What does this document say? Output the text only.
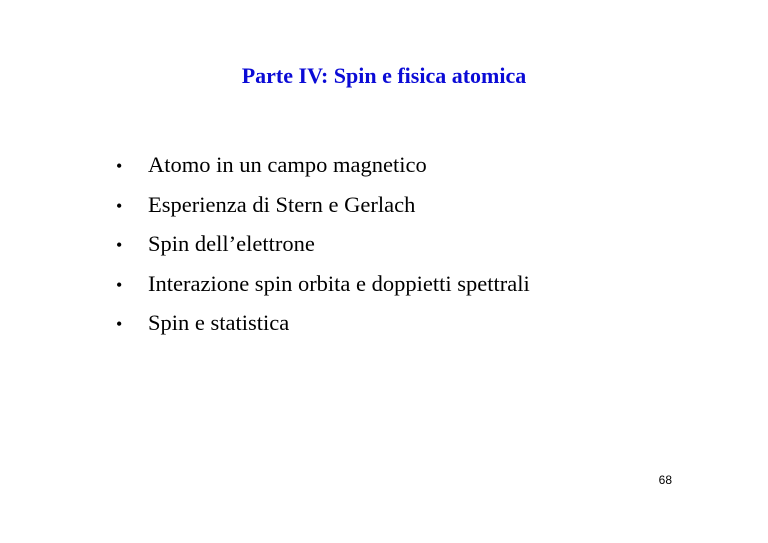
Parte IV: Spin e fisica atomica
•	Atomo in un campo magnetico
•	Esperienza di Stern e Gerlach
•	Spin dell’elettrone
•	Interazione spin orbita e doppietti spettrali
•	Spin e statistica
68
